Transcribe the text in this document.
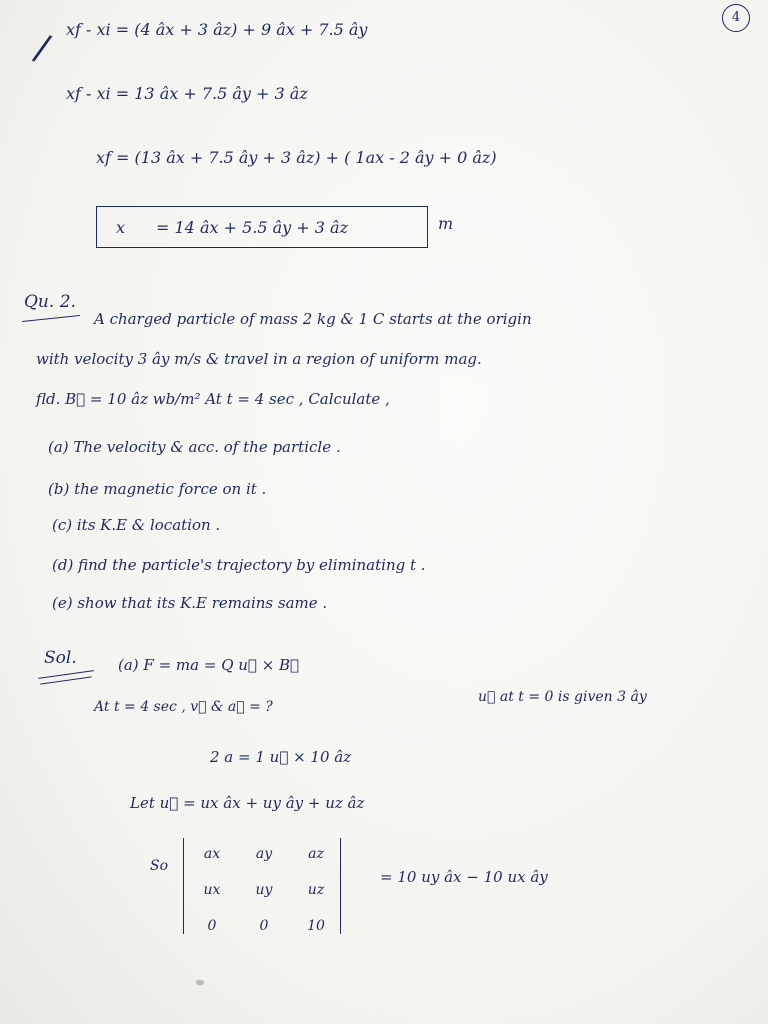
4
/ xf - xi = (4 âx + 3 âz) + 9 âx + 7.5 ây
xf - xi = 13 âx + 7.5 ây + 3 âz
xf = (13 âx + 7.5 ây + 3 âz) + ( 1ax - 2 ây + 0 âz)
x = 14 âx + 5.5 ây + 3 âz	m
Qu. 2.
A charged particle of mass 2 kg & 1 C starts at the origin
with velocity 3 ây m/s & travel in a region of uniform mag.
fld. B⃗ = 10 âz wb/m² At t = 4 sec , Calculate ,
(a) The velocity & acc. of the particle .
(b) the magnetic force on it .
(c) its K.E & location .
(d) find the particle's trajectory by eliminating t .
(e) show that its K.E remains same .
Sol.	(a) F = ma = Q u⃗ × B⃗
At t = 4 sec , v⃗ & a⃗ = ?
u⃗ at t = 0 is given 3 ây
2 a = 1 u⃗ × 10 âz
Let u⃗ = ux âx + uy ây + uz âz
So
ax	ay	az
ux	uy	uz
0	0	10
= 10 uy âx − 10 ux ây
